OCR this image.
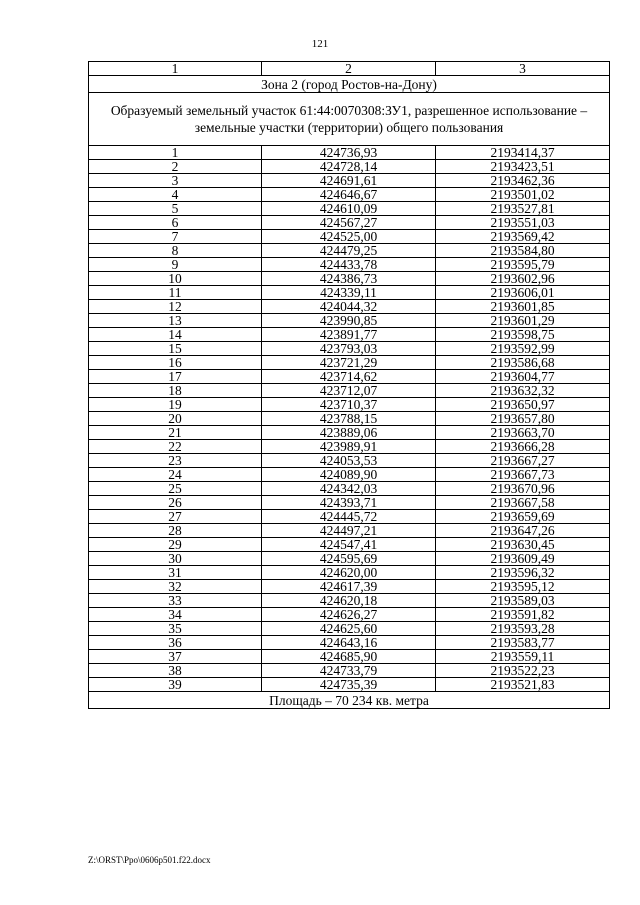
121
1	2	3
Зона 2 (город Ростов-на-Дону)		
Образуемый земельный участок 61:44:0070308:ЗУ1, разрешенное использование – земельные участки (территории) общего пользования		
1	424736,93	2193414,37
2	424728,14	2193423,51
3	424691,61	2193462,36
4	424646,67	2193501,02
5	424610,09	2193527,81
6	424567,27	2193551,03
7	424525,00	2193569,42
8	424479,25	2193584,80
9	424433,78	2193595,79
10	424386,73	2193602,96
11	424339,11	2193606,01
12	424044,32	2193601,85
13	423990,85	2193601,29
14	423891,77	2193598,75
15	423793,03	2193592,99
16	423721,29	2193586,68
17	423714,62	2193604,77
18	423712,07	2193632,32
19	423710,37	2193650,97
20	423788,15	2193657,80
21	423889,06	2193663,70
22	423989,91	2193666,28
23	424053,53	2193667,27
24	424089,90	2193667,73
25	424342,03	2193670,96
26	424393,71	2193667,58
27	424445,72	2193659,69
28	424497,21	2193647,26
29	424547,41	2193630,45
30	424595,69	2193609,49
31	424620,00	2193596,32
32	424617,39	2193595,12
33	424620,18	2193589,03
34	424626,27	2193591,82
35	424625,60	2193593,28
36	424643,16	2193583,77
37	424685,90	2193559,11
38	424733,79	2193522,23
39	424735,39	2193521,83
Площадь – 70 234 кв. метра		
Z:\ORST\Ppo\0606p501.f22.docx
